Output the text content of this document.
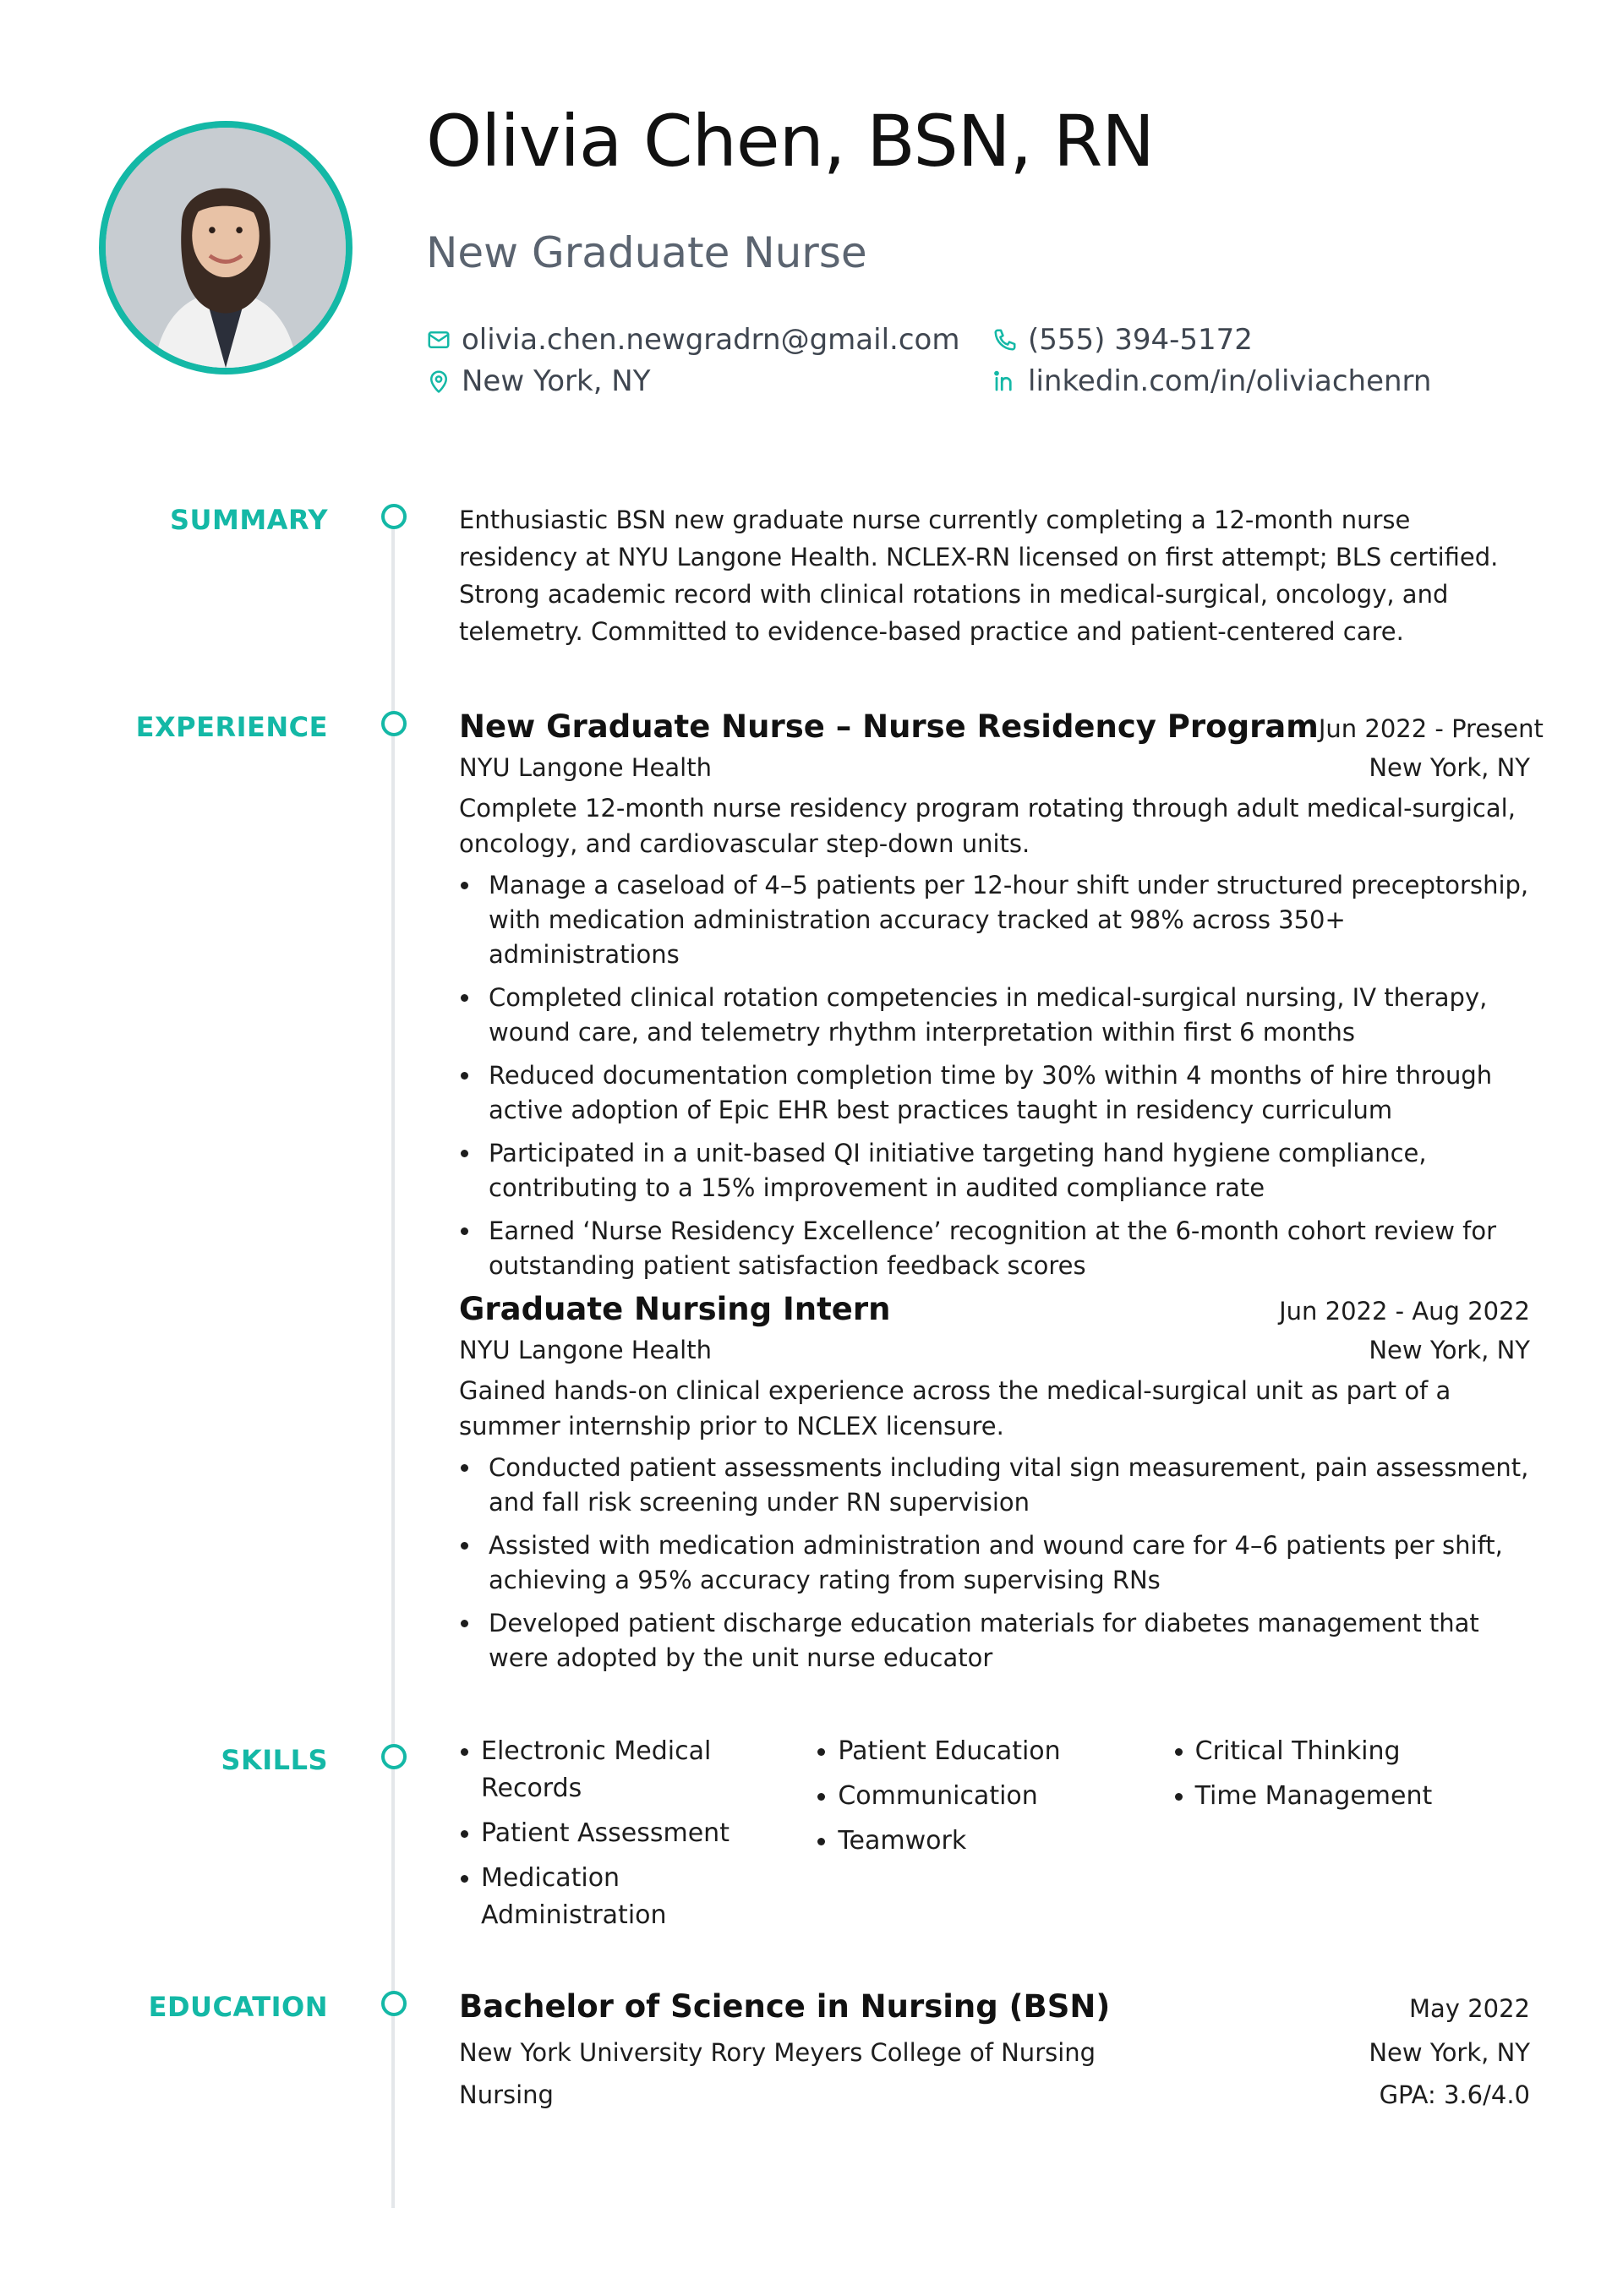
Olivia Chen, BSN, RN
New Graduate Nurse
olivia.chen.newgradrn@gmail.com (555) 394-5172
New York, NY	linkedin.com/in/oliviachenrn
SUMMARY	Enthusiastic BSN new graduate nurse currently completing a 12-month nurse residency at NYU Langone Health. NCLEX-RN licensed on first attempt; BLS certified. Strong academic record with clinical rotations in medical-surgical, oncology, and telemetry. Committed to evidence-based practice and patient-centered care.
EXPERIENCE	New Graduate Nurse – Nurse Residency Program Jun 2022 - Present
NYU Langone Health	New York, NY
Complete 12-month nurse residency program rotating through adult medical-surgical, oncology, and cardiovascular step-down units.
Manage a caseload of 4–5 patients per 12-hour shift under structured preceptorship, with medication administration accuracy tracked at 98% across 350+ administrations
Completed clinical rotation competencies in medical-surgical nursing, IV therapy, wound care, and telemetry rhythm interpretation within first 6 months
Reduced documentation completion time by 30% within 4 months of hire through active adoption of Epic EHR best practices taught in residency curriculum
Participated in a unit-based QI initiative targeting hand hygiene compliance, contributing to a 15% improvement in audited compliance rate
Earned ‘Nurse Residency Excellence’ recognition at the 6-month cohort review for outstanding patient satisfaction feedback scores
Graduate Nursing Intern	Jun 2022 - Aug 2022
NYU Langone Health	New York, NY
Gained hands-on clinical experience across the medical-surgical unit as part of a summer internship prior to NCLEX licensure.
Conducted patient assessments including vital sign measurement, pain assessment, and fall risk screening under RN supervision
Assisted with medication administration and wound care for 4–6 patients per shift, achieving a 95% accuracy rating from supervising RNs
Developed patient discharge education materials for diabetes management that were adopted by the unit nurse educator
SKILLS	Electronic Medical Records
Patient Assessment
Medication Administration
Patient Education
Communication
Teamwork
Critical Thinking
Time Management
EDUCATION	Bachelor of Science in Nursing (BSN)	May 2022
New York University Rory Meyers College of Nursing	New York, NY
Nursing	GPA: 3.6/4.0
